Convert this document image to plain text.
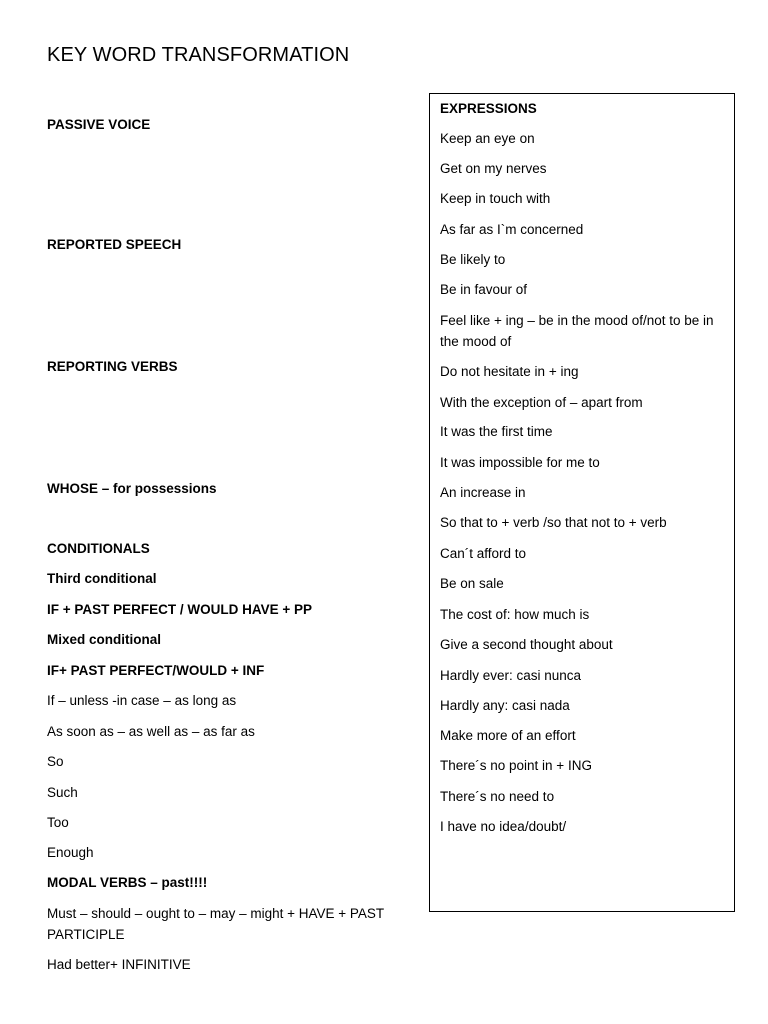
KEY WORD TRANSFORMATION
PASSIVE VOICE
REPORTED SPEECH
REPORTING VERBS
WHOSE – for possessions
CONDITIONALS
Third conditional
IF + PAST PERFECT / WOULD HAVE + PP
Mixed conditional
IF+ PAST PERFECT/WOULD + INF
If – unless -in case – as long as
As soon as – as well as – as far as
So
Such
Too
Enough
MODAL VERBS – past!!!!
Must – should – ought to – may – might + HAVE + PAST PARTICIPLE
Had better+ INFINITIVE
EXPRESSIONS
Keep an eye on
Get on my nerves
Keep in touch with
As far as I`m concerned
Be likely to
Be in favour of
Feel like + ing – be in the mood of/not to be in the mood of
Do not hesitate in + ing
With the exception of – apart from
It was the first time
It was impossible for me to
An increase in
So that to + verb /so that not to + verb
Can´t afford to
Be on sale
The cost of: how much is
Give a second thought about
Hardly ever: casi nunca
Hardly any: casi nada
Make more of an effort
There´s no point in + ING
There´s no need to
I have no idea/doubt/
